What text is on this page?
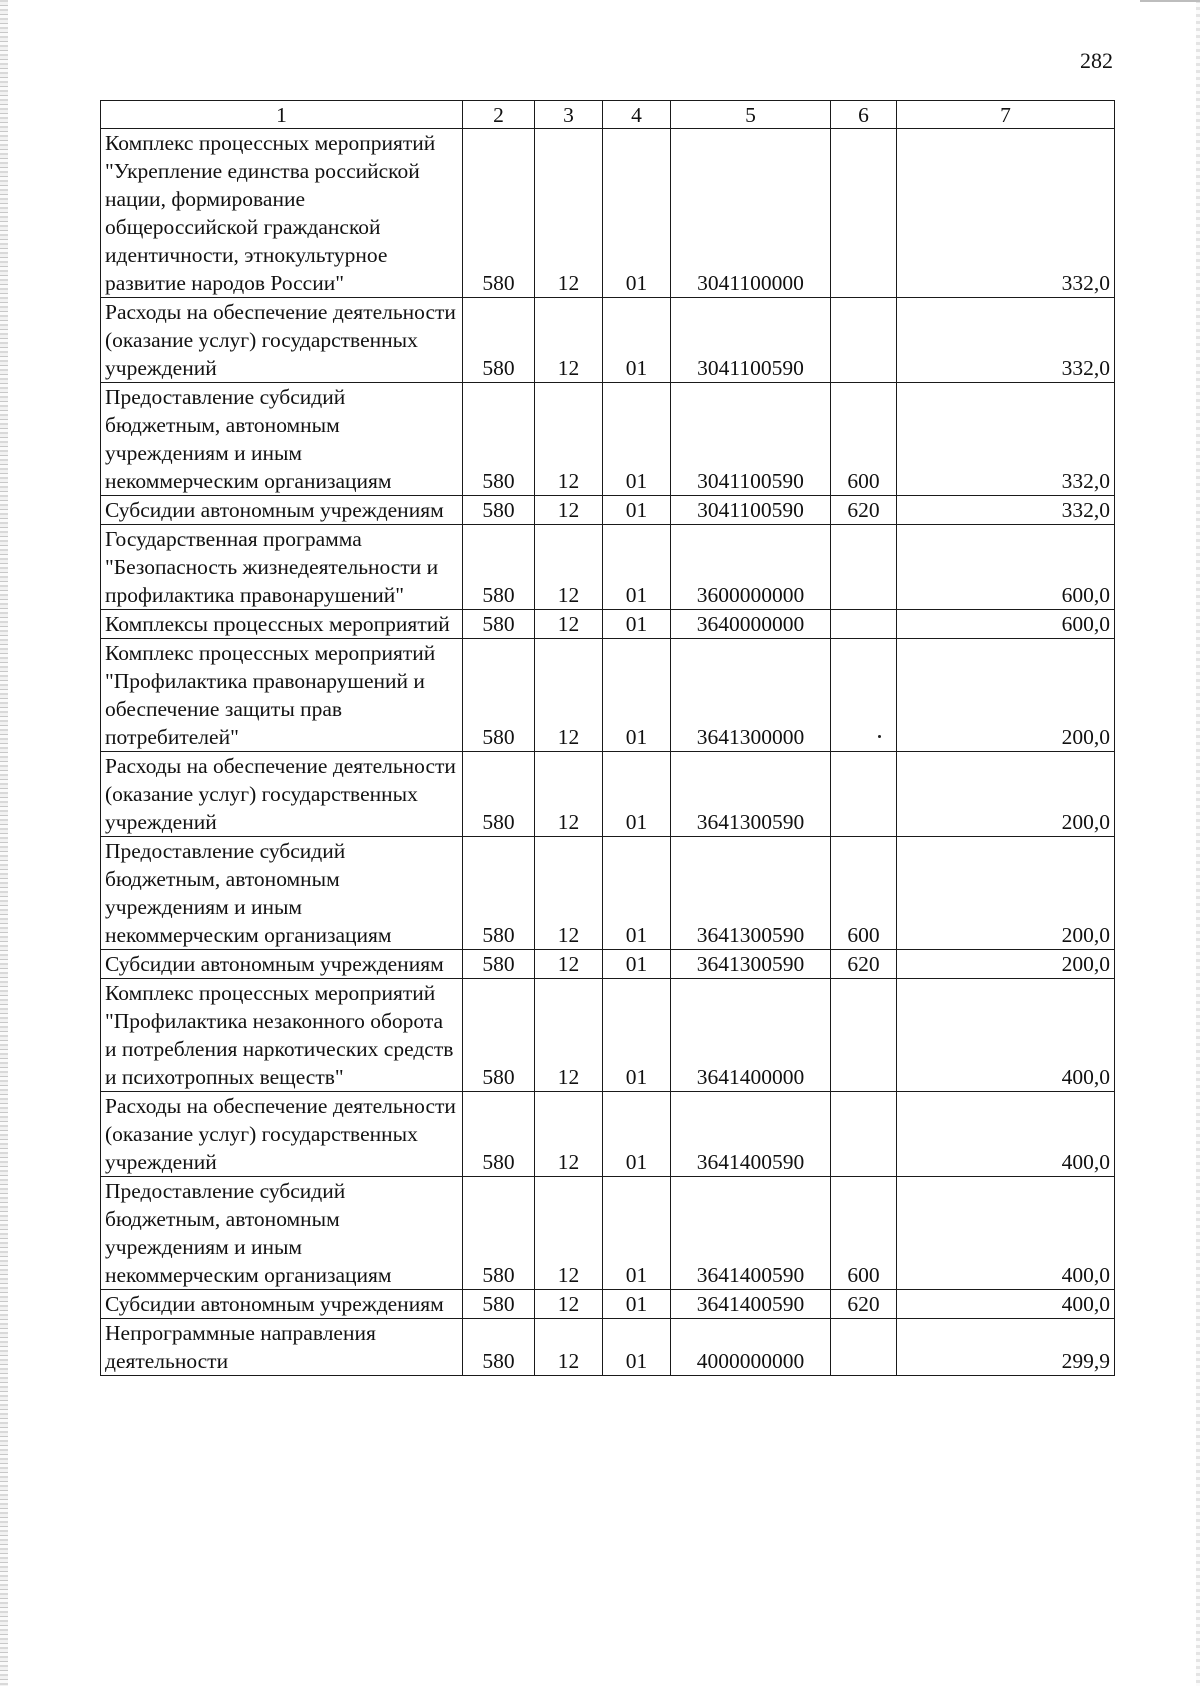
282
1	2	3	4	5	6	7
Комплекс процессных мероприятий "Укрепление единства российской нации, формирование общероссийской гражданской идентичности, этнокультурное развитие народов России"	580	12	01	3041100000		332,0
Расходы на обеспечение деятельности (оказание услуг) государственных учреждений	580	12	01	3041100590		332,0
Предоставление субсидий бюджетным, автономным учреждениям и иным некоммерческим организациям	580	12	01	3041100590	600	332,0
Субсидии автономным учреждениям	580	12	01	3041100590	620	332,0
Государственная программа "Безопасность жизнедеятельности и профилактика правонарушений"	580	12	01	3600000000		600,0
Комплексы процессных мероприятий	580	12	01	3640000000		600,0
Комплекс процессных мероприятий "Профилактика правонарушений и обеспечение защиты прав потребителей"	580	12	01	3641300000		200,0
Расходы на обеспечение деятельности (оказание услуг) государственных учреждений	580	12	01	3641300590		200,0
Предоставление субсидий бюджетным, автономным учреждениям и иным некоммерческим организациям	580	12	01	3641300590	600	200,0
Субсидии автономным учреждениям	580	12	01	3641300590	620	200,0
Комплекс процессных мероприятий "Профилактика незаконного оборота и потребления наркотических средств и психотропных веществ"	580	12	01	3641400000		400,0
Расходы на обеспечение деятельности (оказание услуг) государственных учреждений	580	12	01	3641400590		400,0
Предоставление субсидий бюджетным, автономным учреждениям и иным некоммерческим организациям	580	12	01	3641400590	600	400,0
Субсидии автономным учреждениям	580	12	01	3641400590	620	400,0
Непрограммные направления деятельности	580	12	01	4000000000		299,9
